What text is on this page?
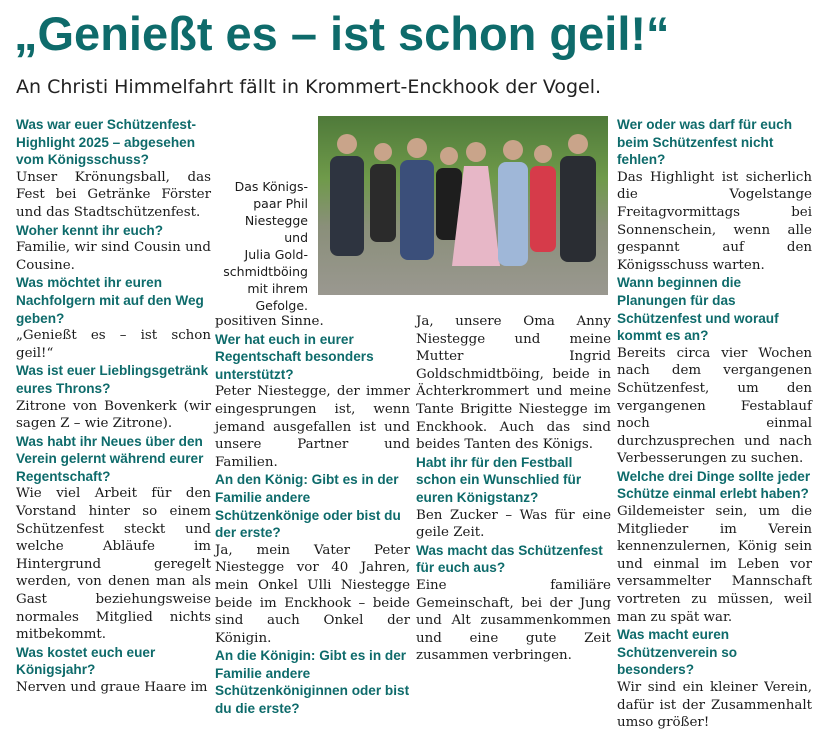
„Genießt es – ist schon geil!“
An Christi Himmelfahrt fällt in Krommert-Enckhook der Vogel.

Was war euer Schützenfest-Highlight 2025 – abgesehen vom Königsschuss?

Unser Krönungsball, das Fest bei Getränke Förster und das Stadtschützenfest.

Woher kennt ihr euch?

Familie, wir sind Cousin und Cousine.

Was möchtet ihr euren Nachfolgern mit auf den Weg geben?

„Genießt es – ist schon geil!“

Was ist euer Lieblingsgetränk eures Throns?

Zitrone von Bovenkerk (wir sagen Z – wie Zitrone).

Was habt ihr Neues über den Verein gelernt während eurer Regentschaft?

Wie viel Arbeit für den Vorstand hinter so einem Schützenfest steckt und welche Abläufe im Hintergrund geregelt werden, von denen man als Gast beziehungsweise normales Mitglied nichts mitbekommt.

Was kostet euch euer Königsjahr?

Nerven und graue Haare im

Das Königs-
paar Phil
Niestegge und
Julia Gold-
schmidtböing
mit ihrem
Gefolge.

positiven Sinne.

Wer hat euch in eurer Regentschaft besonders unterstützt?

Peter Niestegge, der immer eingesprungen ist, wenn jemand ausgefallen ist und unsere Partner und Familien.

An den König: Gibt es in der Familie andere Schützenkönige oder bist du der erste?

Ja, mein Vater Peter Niestegge vor 40 Jahren, mein Onkel Ulli Niestegge beide im Enckhook – beide sind auch Onkel der Königin.

An die Königin: Gibt es in der Familie andere Schützenköniginnen oder bist du die erste?

Ja, unsere Oma Anny Niestegge und meine Mutter Ingrid Goldschmidtböing, beide in Ächterkrommert und meine Tante Brigitte Niestegge im Enckhook. Auch das sind beides Tanten des Königs.

Habt ihr für den Festball schon ein Wunschlied für euren Königstanz?

Ben Zucker – Was für eine geile Zeit.

Was macht das Schützenfest für euch aus?

Eine familiäre Gemeinschaft, bei der Jung und Alt zusammenkommen und eine gute Zeit zusammen verbringen.

Wer oder was darf für euch beim Schützenfest nicht fehlen?

Das Highlight ist sicherlich die Vogelstange Freitagvormittags bei Sonnenschein, wenn alle gespannt auf den Königsschuss warten.

Wann beginnen die Planungen für das Schützenfest und worauf kommt es an?

Bereits circa vier Wochen nach dem vergangenen Schützenfest, um den vergangenen Festablauf noch einmal durchzusprechen und nach Verbesserungen zu suchen.

Welche drei Dinge sollte jeder Schütze einmal erlebt haben?

Gildemeister sein, um die Mitglieder im Verein kennenzulernen, König sein und einmal im Leben vor versammelter Mannschaft vortreten zu müssen, weil man zu spät war.

Was macht euren Schützenverein so besonders?

Wir sind ein kleiner Verein, dafür ist der Zusammenhalt umso größer!
